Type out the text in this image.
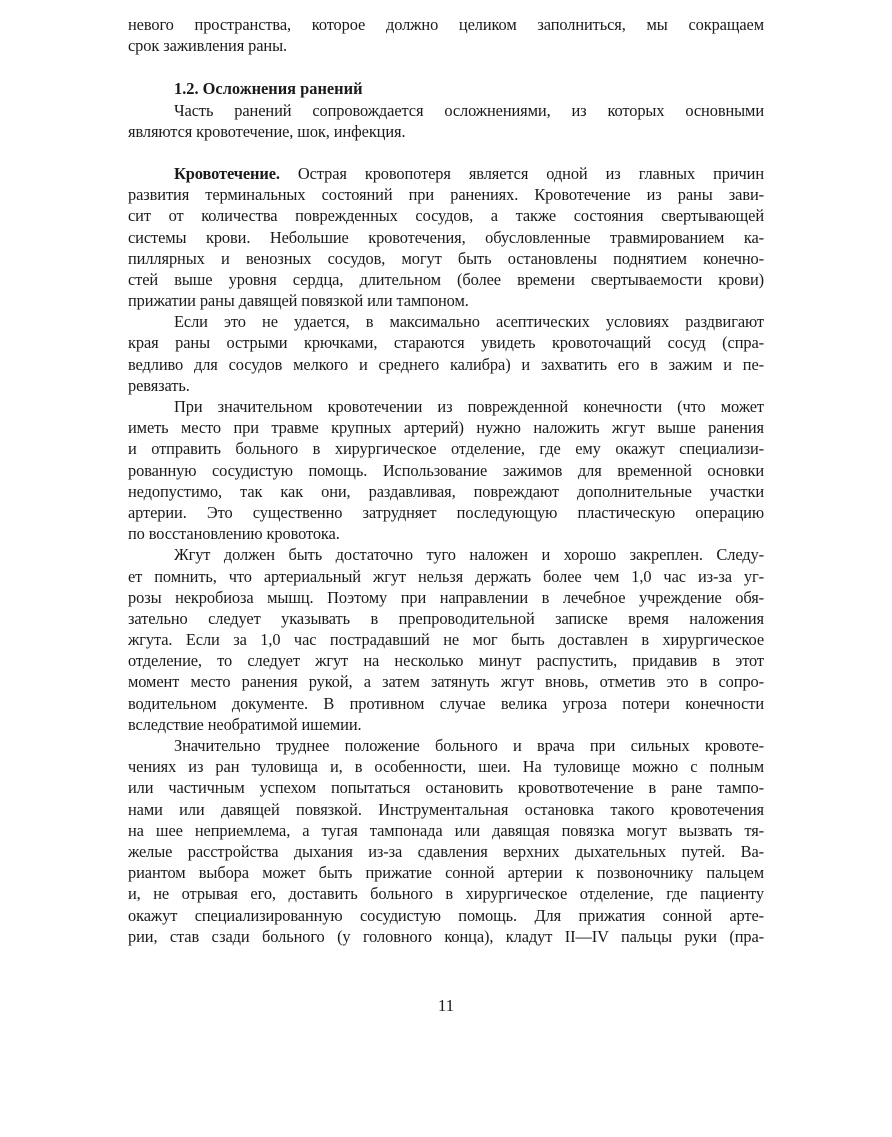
невого пространства, которое должно целиком заполниться, мы сокращаем
срок заживления раны.
1.2. Осложнения ранений
Часть ранений сопровождается осложнениями, из которых основными
являются кровотечение, шок, инфекция.
Кровотечение. Острая кровопотеря является одной из главных причин
развития терминальных состояний при ранениях. Кровотечение из раны зави-
сит от количества поврежденных сосудов, а также состояния свертывающей
системы крови. Небольшие кровотечения, обусловленные травмированием ка-
пиллярных и венозных сосудов, могут быть остановлены поднятием конечно-
стей выше уровня сердца, длительном (более времени свертываемости крови)
прижатии раны давящей повязкой или тампоном.
Если это не удается, в максимально асептических условиях раздвигают
края раны острыми крючками, стараются увидеть кровоточащий сосуд (спра-
ведливо для сосудов мелкого и среднего калибра) и захватить его в зажим и пе-
ревязать.
При значительном кровотечении из поврежденной конечности (что может
иметь место при травме крупных артерий) нужно наложить жгут выше ранения
и отправить больного в хирургическое отделение, где ему окажут специализи-
рованную сосудистую помощь. Использование зажимов для временной основки
недопустимо, так как они, раздавливая, повреждают дополнительные участки
артерии. Это существенно затрудняет последующую пластическую операцию
по восстановлению кровотока.
Жгут должен быть достаточно туго наложен и хорошо закреплен. Следу-
ет помнить, что артериальный жгут нельзя держать более чем 1,0 час из-за уг-
розы некробиоза мышц. Поэтому при направлении в лечебное учреждение обя-
зательно следует указывать в препроводительной записке время наложения
жгута. Если за 1,0 час пострадавший не мог быть доставлен в хирургическое
отделение, то следует жгут на несколько минут распустить, придавив в этот
момент место ранения рукой, а затем затянуть жгут вновь, отметив это в сопро-
водительном документе. В противном случае велика угроза потери конечности
вследствие необратимой ишемии.
Значительно труднее положение больного и врача при сильных кровоте-
чениях из ран туловища и, в особенности, шеи. На туловище можно с полным
или частичным успехом попытаться остановить кровотвотечение в ране тампо-
нами или давящей повязкой. Инструментальная остановка такого кровотечения
на шее неприемлема, а тугая тампонада или давящая повязка могут вызвать тя-
желые расстройства дыхания из-за сдавления верхних дыхательных путей. Ва-
риантом выбора может быть прижатие сонной артерии к позвоночнику пальцем
и, не отрывая его, доставить больного в хирургическое отделение, где пациенту
окажут специализированную сосудистую помощь. Для прижатия сонной арте-
рии, став сзади больного (у головного конца), кладут II—IV пальцы руки (пра-
11
